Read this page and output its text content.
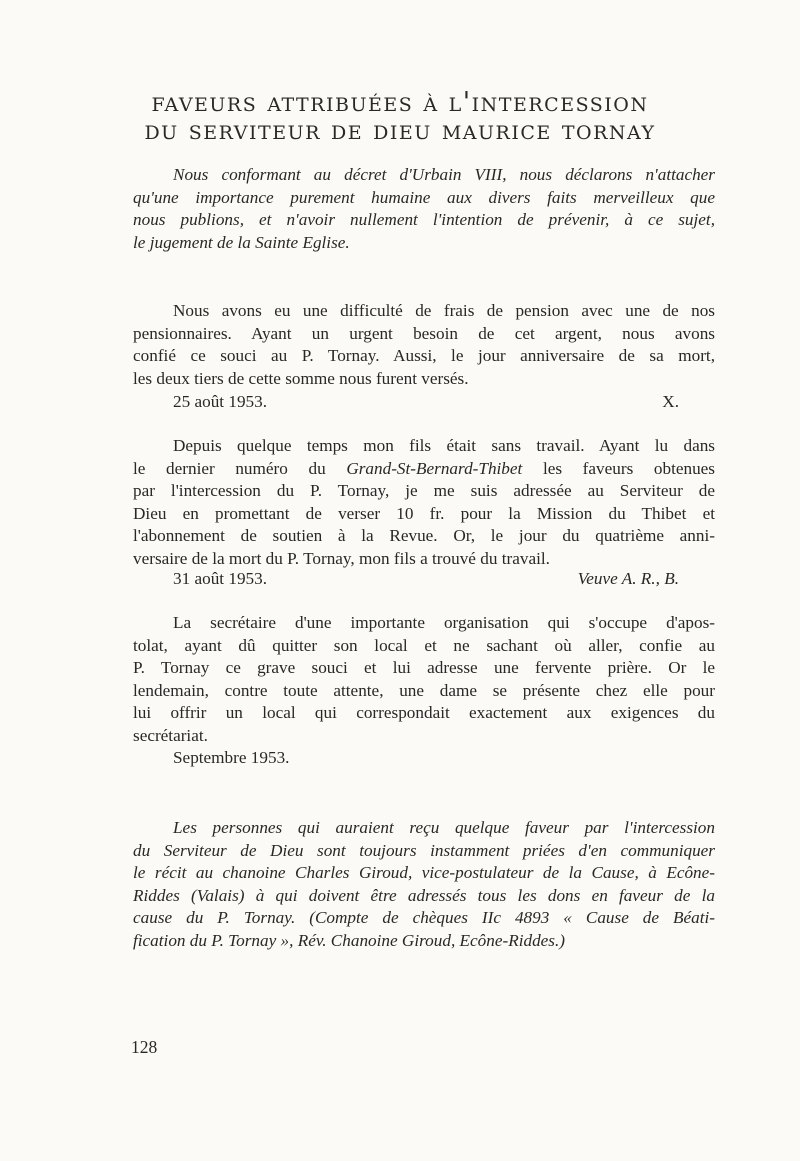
faveurs attribuées à l'intercession
du serviteur de dieu maurice tornay
Nous conformant au décret d'Urbain VIII, nous déclarons n'attacher
qu'une importance purement humaine aux divers faits merveilleux que
nous publions, et n'avoir nullement l'intention de prévenir, à ce sujet,
le jugement de la Sainte Eglise.
Nous avons eu une difficulté de frais de pension avec une de nos
pensionnaires. Ayant un urgent besoin de cet argent, nous avons
confié ce souci au P. Tornay. Aussi, le jour anniversaire de sa mort,
les deux tiers de cette somme nous furent versés.
25 août 1953.	X.
Depuis quelque temps mon fils était sans travail. Ayant lu dans
le dernier numéro du Grand-St-Bernard-Thibet les faveurs obtenues
par l'intercession du P. Tornay, je me suis adressée au Serviteur de
Dieu en promettant de verser 10 fr. pour la Mission du Thibet et
l'abonnement de soutien à la Revue. Or, le jour du quatrième anni-
versaire de la mort du P. Tornay, mon fils a trouvé du travail.
31 août 1953.	Veuve A. R., B.
La secrétaire d'une importante organisation qui s'occupe d'apos-
tolat, ayant dû quitter son local et ne sachant où aller, confie au
P. Tornay ce grave souci et lui adresse une fervente prière. Or le
lendemain, contre toute attente, une dame se présente chez elle pour
lui offrir un local qui correspondait exactement aux exigences du
secrétariat.
Septembre 1953.
Les personnes qui auraient reçu quelque faveur par l'intercession
du Serviteur de Dieu sont toujours instamment priées d'en communiquer
le récit au chanoine Charles Giroud, vice-postulateur de la Cause, à Ecône-
Riddes (Valais) à qui doivent être adressés tous les dons en faveur de la
cause du P. Tornay. (Compte de chèques IIc 4893 « Cause de Béati-
fication du P. Tornay », Rév. Chanoine Giroud, Ecône-Riddes.)
128
